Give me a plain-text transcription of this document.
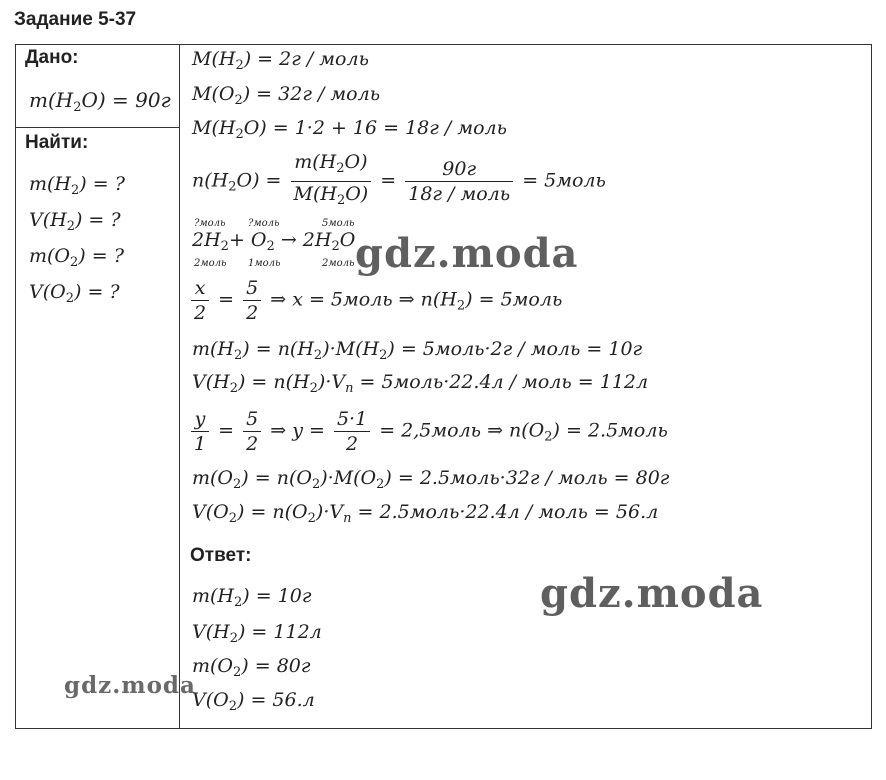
Задание 5-37
Дано:
$m(H_2O) = 90г$
Найти:
$m(H_2)$ = ?
$V(H_2)$ = ?
$m(O_2)$ = ?
$V(O_2)$ = ?
$M(H_2) = 2г$ / моль
$M(O_2) = 32г$ / моль
$M(H_2O) = 1\cdot 2 + 16 = 18г$ / моль
$n(H_2O) = \frac{m(H_2O)}{M(H_2O)} = \frac{90г}{\text{18г / моль}}$ = 5моль
?моль ?моль	5моль
$2H_2+ O_2 \to 2H_2O$
2моль 1моль	2моль
$\frac{x}{2} = \frac{5}{2}$ ⇒ x = 5моль ⇒ $n(H_2)$ = 5моль
$m(H_2) = n(H_2)\cdot M(H_2)$ = 5моль·2г / моль = 10г
$V(H_2) = n(H_2)\cdot V_n$ = 5моль·22.4л / моль = 112л
$\frac{y}{1} = \frac{5}{2}$ ⇒ $y = \frac{5\cdot 1}{2}$ = 2,5моль ⇒ $n(O_2)$ = 2.5моль
$m(O_2) = n(O_2)\cdot M(O_2)$ = 2.5моль·32г / моль = 80г
$V(O_2) = n(O_2)\cdot V_n$ = 2.5моль·22.4л / моль = 56.л
Ответ:
$m(H_2) = 10г$
$V(H_2) = 112л$
$m(O_2) = 80г$
$V(O_2) = 56.л$
gdz.moda
gdz.moda
gdz.moda
